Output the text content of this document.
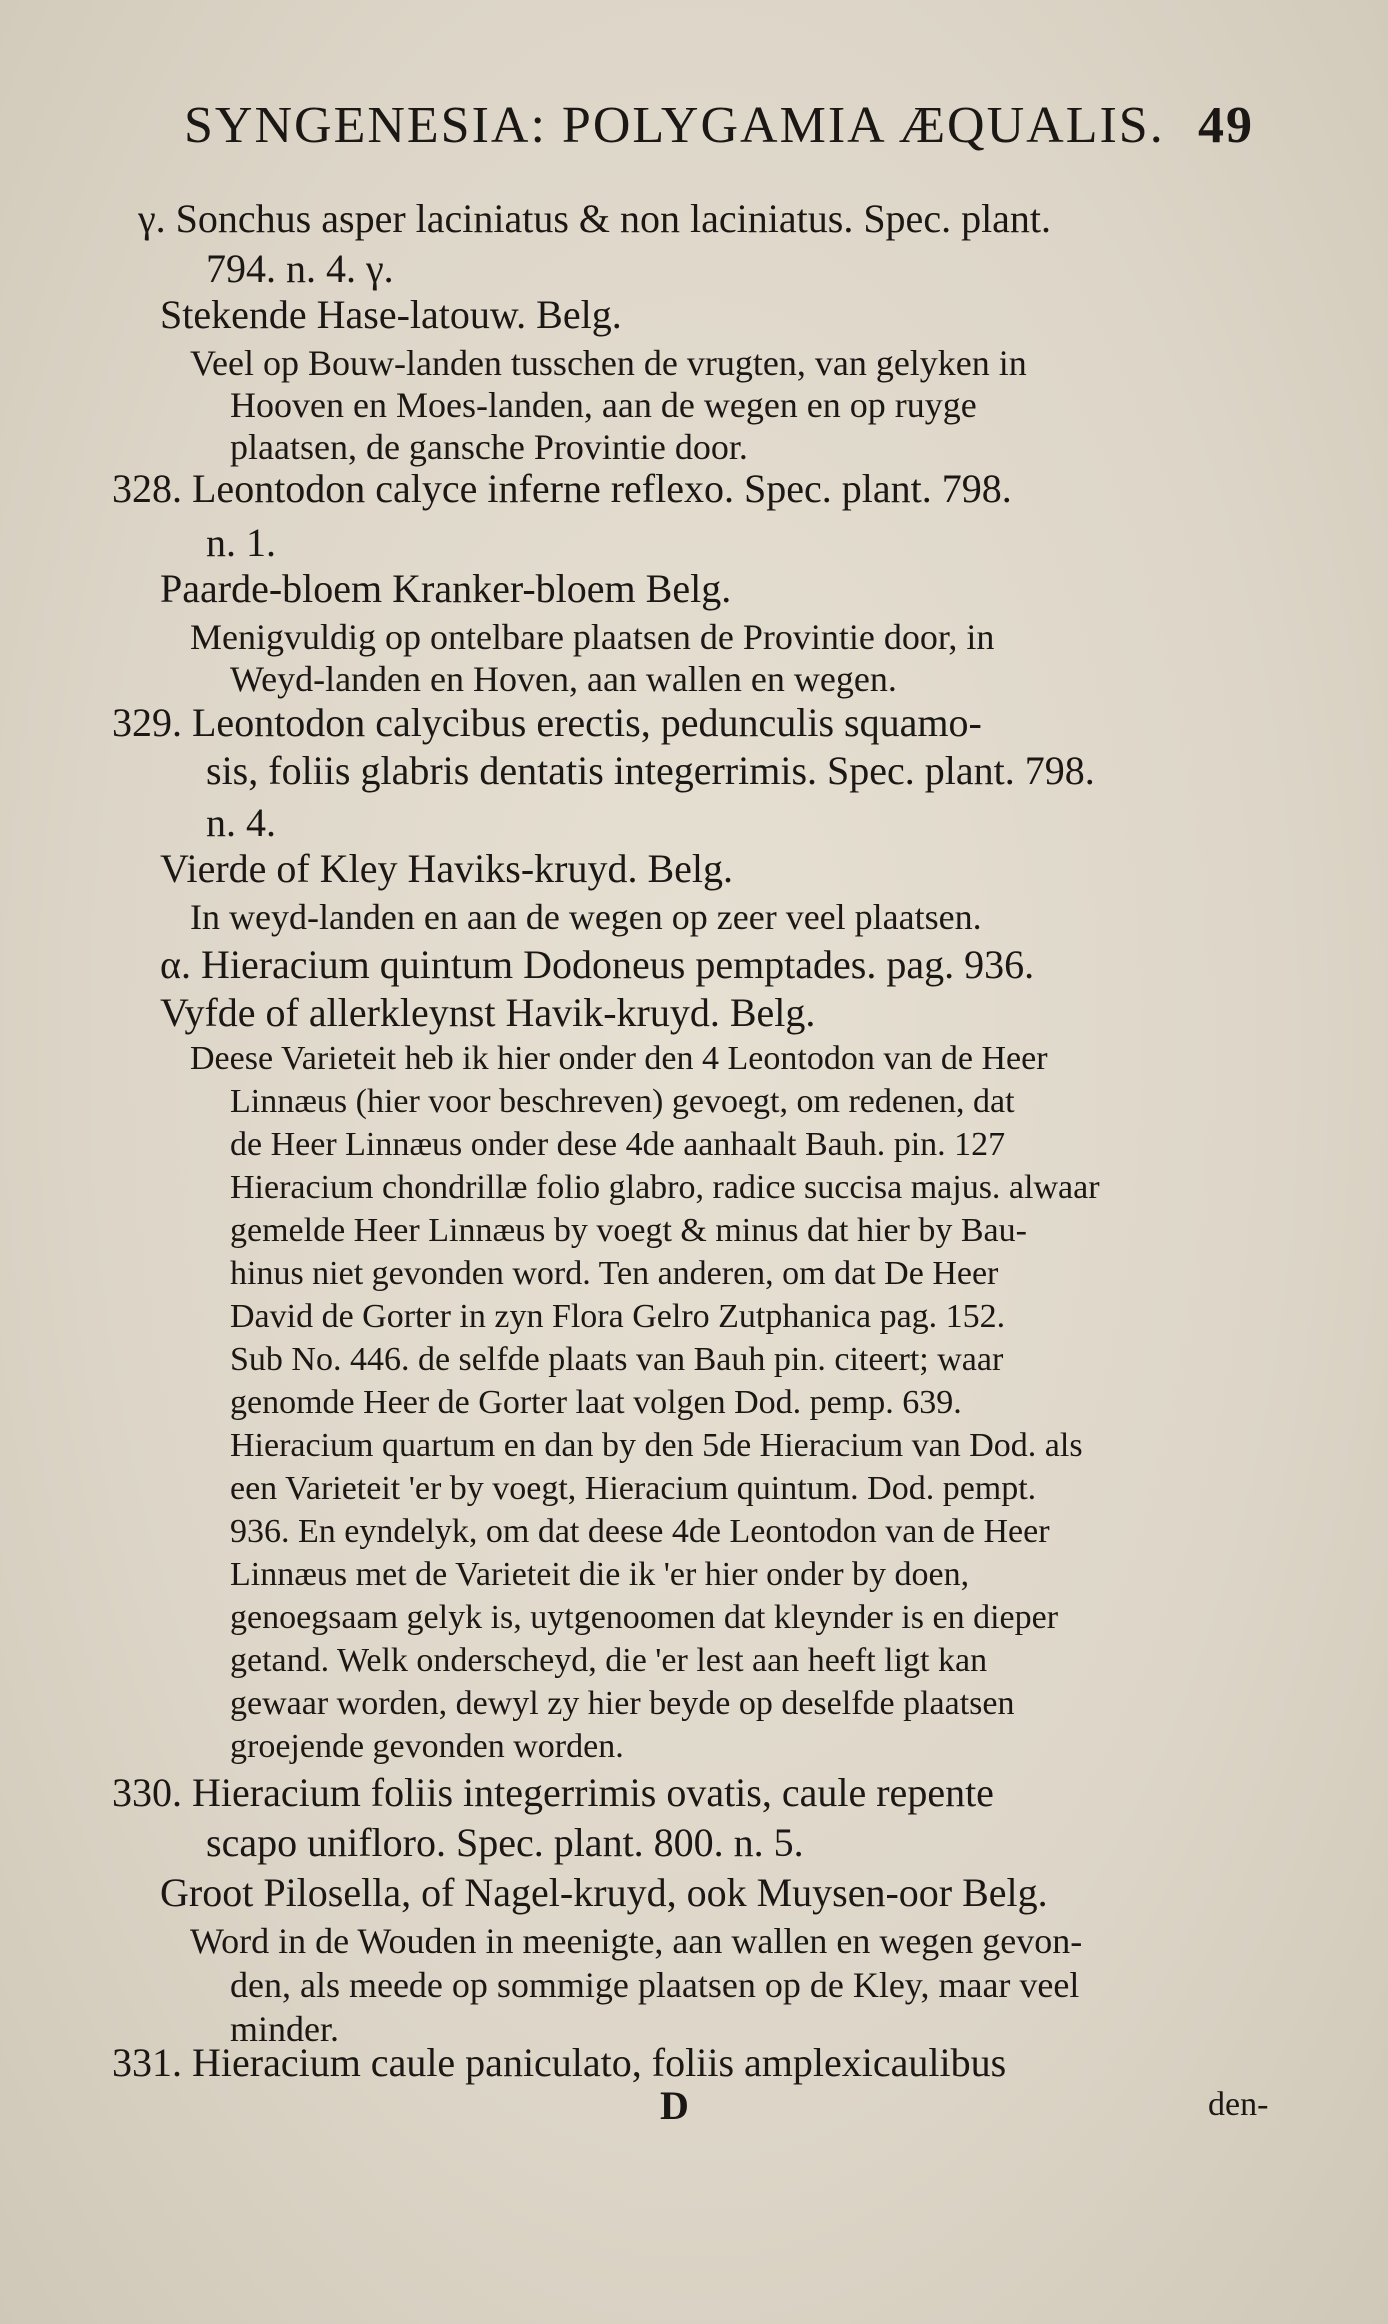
SYNGENESIA: POLYGAMIA ÆQUALIS. 49
γ. Sonchus asper laciniatus & non laciniatus. Spec. plant.
794. n. 4. γ.
Stekende Hase-latouw. Belg.
Veel op Bouw-landen tusschen de vrugten, van gelyken in
Hooven en Moes-landen, aan de wegen en op ruyge
plaatsen, de gansche Provintie door.
328. Leontodon calyce inferne reflexo. Spec. plant. 798.
n. 1.
Paarde-bloem Kranker-bloem Belg.
Menigvuldig op ontelbare plaatsen de Provintie door, in
Weyd-landen en Hoven, aan wallen en wegen.
329. Leontodon calycibus erectis, pedunculis squamo-
sis, foliis glabris dentatis integerrimis. Spec. plant. 798.
n. 4.
Vierde of Kley Haviks-kruyd. Belg.
In weyd-landen en aan de wegen op zeer veel plaatsen.
α. Hieracium quintum Dodoneus pemptades. pag. 936.
Vyfde of allerkleynst Havik-kruyd. Belg.
Deese Varieteit heb ik hier onder den 4 Leontodon van de Heer
Linnæus (hier voor beschreven) gevoegt, om redenen, dat
de Heer Linnæus onder dese 4de aanhaalt Bauh. pin. 127
Hieracium chondrillæ folio glabro, radice succisa majus. alwaar
gemelde Heer Linnæus by voegt & minus dat hier by Bau-
hinus niet gevonden word. Ten anderen, om dat De Heer
David de Gorter in zyn Flora Gelro Zutphanica pag. 152.
Sub No. 446. de selfde plaats van Bauh pin. citeert; waar
genomde Heer de Gorter laat volgen Dod. pemp. 639.
Hieracium quartum en dan by den 5de Hieracium van Dod. als
een Varieteit 'er by voegt, Hieracium quintum. Dod. pempt.
936. En eyndelyk, om dat deese 4de Leontodon van de Heer
Linnæus met de Varieteit die ik 'er hier onder by doen,
genoegsaam gelyk is, uytgenoomen dat kleynder is en dieper
getand. Welk onderscheyd, die 'er lest aan heeft ligt kan
gewaar worden, dewyl zy hier beyde op deselfde plaatsen
groejende gevonden worden.
330. Hieracium foliis integerrimis ovatis, caule repente
scapo unifloro. Spec. plant. 800. n. 5.
Groot Pilosella, of Nagel-kruyd, ook Muysen-oor Belg.
Word in de Wouden in meenigte, aan wallen en wegen gevon-
den, als meede op sommige plaatsen op de Kley, maar veel
minder.
331. Hieracium caule paniculato, foliis amplexicaulibus
D	den-
